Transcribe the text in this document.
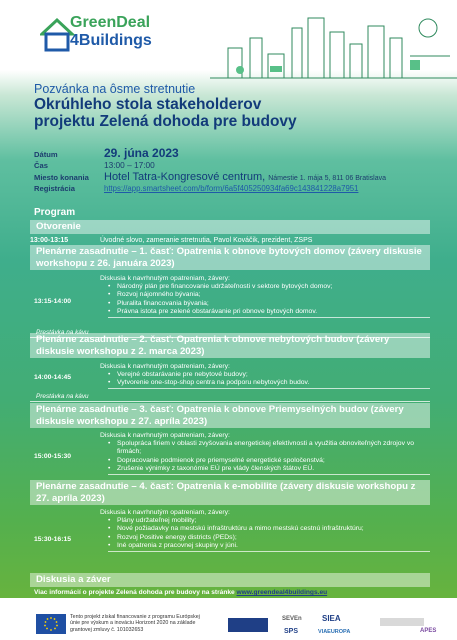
GreenDeal
4Buildings
Pozvánka na ôsme stretnutie
Okrúhleho stola stakeholderov
projektu Zelená dohoda pre budovy
Dátum	29. júna 2023
Čas	13:00 – 17:00
Miesto konania	Hotel Tatra-Kongresové centrum, Námestie 1. mája 5, 811 06 Bratislava
Registrácia	https://app.smartsheet.com/b/form/6a5f405250934fa69c143841228a7951
Program
Otvorenie
13:00-13:15	Úvodné slovo, zameranie stretnutia, Pavol Kováčik, prezident, ZSPS
Plenárne zasadnutie – 1. časť: Opatrenia k obnove bytových domov (závery diskusie workshopu z 26. januára 2023)
13:15-14:00
Diskusia k navrhnutým opatreniam, závery:
• Národný plán pre financovanie udržateľnosti v sektore bytových domov;
• Rozvoj nájomného bývania;
• Pluralita financovania bývania;
• Právna istota pre zelené obstarávanie pri obnove bytových domov.
Prestávka na kávu
Plenárne zasadnutie – 2. časť: Opatrenia k obnove nebytových budov (závery diskusie workshopu z 2. marca 2023)
14:00-14:45
Diskusia k navrhnutým opatreniam, závery:
• Verejné obstarávanie pre nebytové budovy;
• Vytvorenie one-stop-shop centra na podporu nebytových budov.
Prestávka na kávu
Plenárne zasadnutie – 3. časť: Opatrenia k obnove Priemyselných budov (závery diskusie workshopu z 27. apríla 2023)
15:00-15:30
Diskusia k navrhnutým opatreniam, závery:
• Spolupráca firiem v oblasti zvyšovania energetickej efektívnosti a využitia obnoviteľných zdrojov vo firmách;
• Dopracovanie podmienok pre priemyselné energetické spoločenstvá;
• Zrušenie výnimky z taxonómie EÚ pre vlády členských štátov EÚ.
Plenárne zasadnutie – 4. časť: Opatrenia k e-mobilite (závery diskusie workshopu z 27. apríla 2023)
15:30-16:15
Diskusia k navrhnutým opatreniam, závery:
• Plány udržateľnej mobility;
• Nové požiadavky na mestskú infraštruktúru a mimo mestskú cestnú infraštruktúru;
• Rozvoj Positive energy districts (PEDs);
• Iné opatrenia z pracovnej skupiny v júni.
Diskusia a záver
Viac informácií o projekte Zelená dohoda pre budovy na stránke www.greendeal4buildings.eu
Kontakt: Marek Malina | malina@zsps.sk | +421 948 631 509
Tento projekt získal financovanie z programu Európskej únie pre výskum a inováciu Horizont 2020 na základe grantovej zmluvy č. 101032653
SEVEn	SIEA
SPS	VIAEUROPA	APES
